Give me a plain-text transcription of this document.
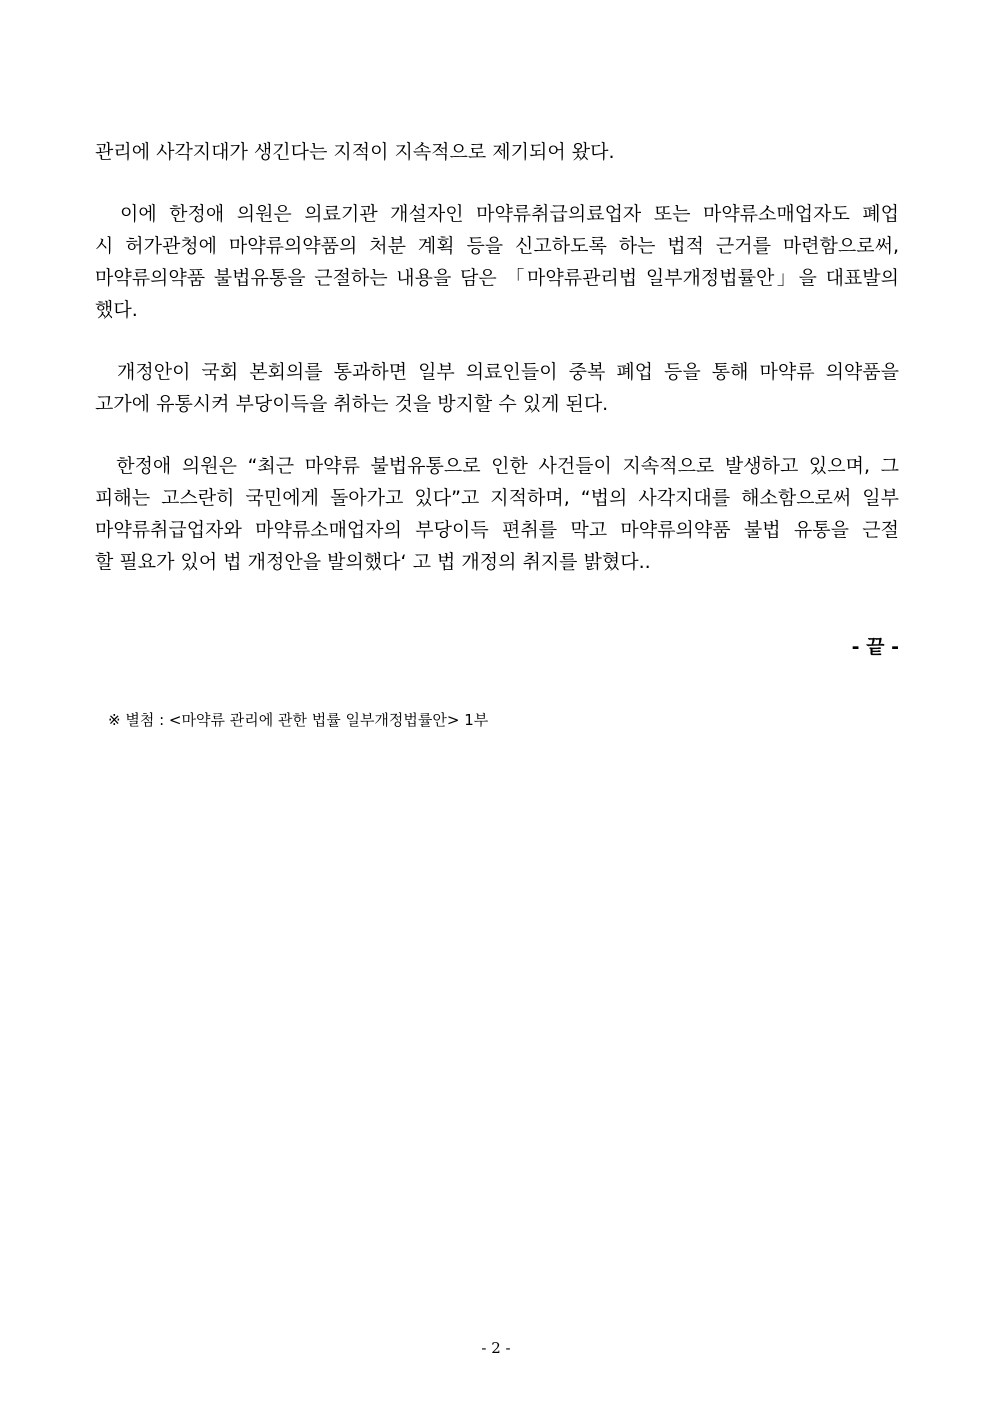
관리에 사각지대가 생긴다는 지적이 지속적으로 제기되어 왔다.
이에 한정애 의원은 의료기관 개설자인 마약류취급의료업자 또는 마약류소매업자도 폐업
시 허가관청에 마약류의약품의 처분 계획 등을 신고하도록 하는 법적 근거를 마련함으로써,
마약류의약품 불법유통을 근절하는 내용을 담은 「마약류관리법 일부개정법률안」을 대표발의
했다.
개정안이 국회 본회의를 통과하면 일부 의료인들이 중복 폐업 등을 통해 마약류 의약품을
고가에 유통시켜 부당이득을 취하는 것을 방지할 수 있게 된다.
한정애 의원은 “최근 마약류 불법유통으로 인한 사건들이 지속적으로 발생하고 있으며, 그
피해는 고스란히 국민에게 돌아가고 있다”고 지적하며, “법의 사각지대를 해소함으로써 일부
마약류취급업자와 마약류소매업자의 부당이득 편취를 막고 마약류의약품 불법 유통을 근절
할 필요가 있어 법 개정안을 발의했다‘ 고 법 개정의 취지를 밝혔다..
- 끝 -
※ 별첨 : <마약류 관리에 관한 법률 일부개정법률안> 1부
- 2 -
